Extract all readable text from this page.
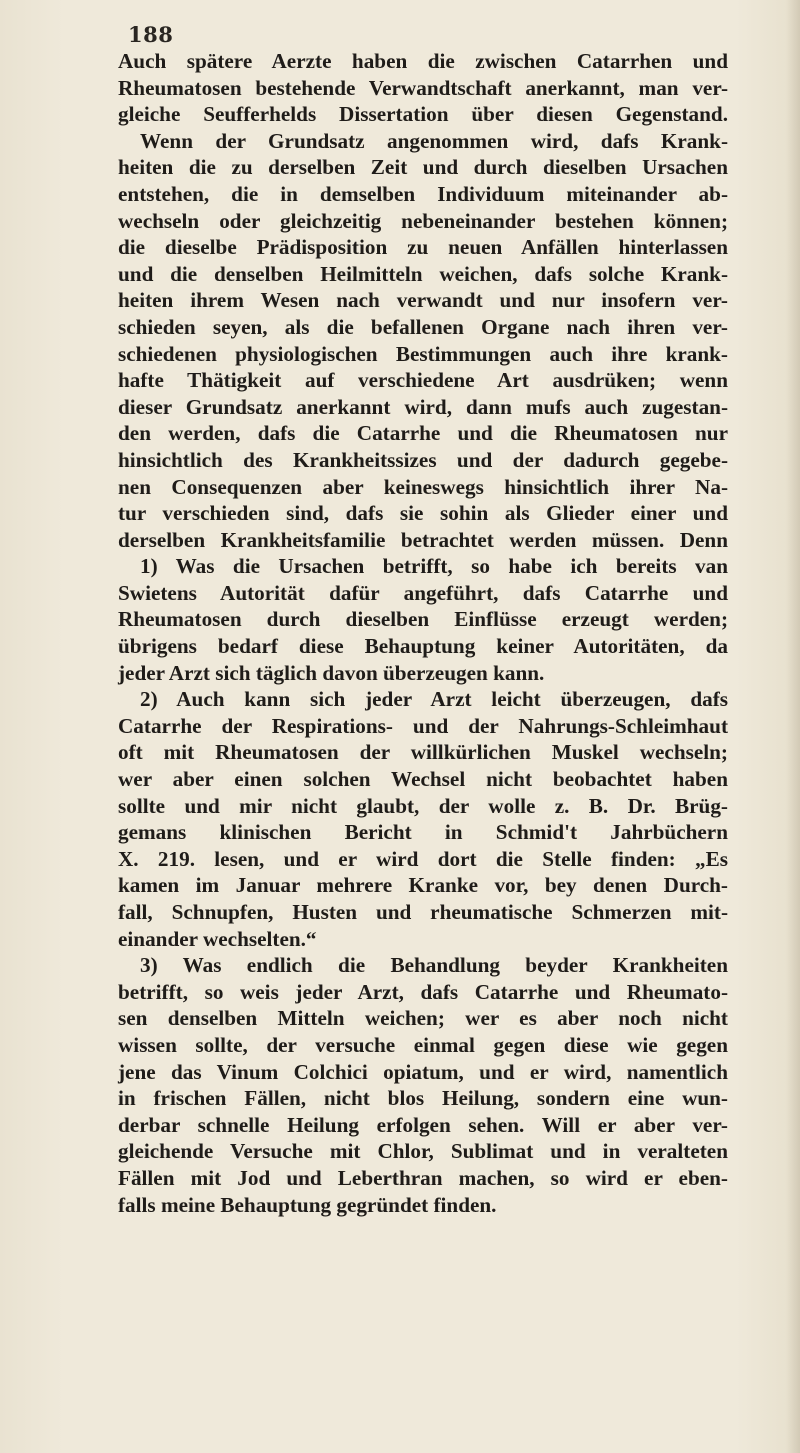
188
Auch spätere Aerzte haben die zwischen Catarrhen und
Rheumatosen bestehende Verwandtschaft anerkannt, man ver-
gleiche Seufferhelds Dissertation über diesen Gegenstand.
Wenn der Grundsatz angenommen wird, dafs Krank-
heiten die zu derselben Zeit und durch dieselben Ursachen
entstehen, die in demselben Individuum miteinander ab-
wechseln oder gleichzeitig nebeneinander bestehen können;
die dieselbe Prädisposition zu neuen Anfällen hinterlassen
und die denselben Heilmitteln weichen, dafs solche Krank-
heiten ihrem Wesen nach verwandt und nur insofern ver-
schieden seyen, als die befallenen Organe nach ihren ver-
schiedenen physiologischen Bestimmungen auch ihre krank-
hafte Thätigkeit auf verschiedene Art ausdrüken; wenn
dieser Grundsatz anerkannt wird, dann mufs auch zugestan-
den werden, dafs die Catarrhe und die Rheumatosen nur
hinsichtlich des Krankheitssizes und der dadurch gegebe-
nen Consequenzen aber keineswegs hinsichtlich ihrer Na-
tur verschieden sind, dafs sie sohin als Glieder einer und
derselben Krankheitsfamilie betrachtet werden müssen. Denn
1) Was die Ursachen betrifft, so habe ich bereits van
Swietens Autorität dafür angeführt, dafs Catarrhe und
Rheumatosen durch dieselben Einflüsse erzeugt werden;
übrigens bedarf diese Behauptung keiner Autoritäten, da
jeder Arzt sich täglich davon überzeugen kann.
2) Auch kann sich jeder Arzt leicht überzeugen, dafs
Catarrhe der Respirations- und der Nahrungs-Schleimhaut
oft mit Rheumatosen der willkürlichen Muskel wechseln;
wer aber einen solchen Wechsel nicht beobachtet haben
sollte und mir nicht glaubt, der wolle z. B. Dr. Brüg-
gemans klinischen Bericht in Schmid't Jahrbüchern
X. 219. lesen, und er wird dort die Stelle finden: „Es
kamen im Januar mehrere Kranke vor, bey denen Durch-
fall, Schnupfen, Husten und rheumatische Schmerzen mit-
einander wechselten.“
3) Was endlich die Behandlung beyder Krankheiten
betrifft, so weis jeder Arzt, dafs Catarrhe und Rheumato-
sen denselben Mitteln weichen; wer es aber noch nicht
wissen sollte, der versuche einmal gegen diese wie gegen
jene das Vinum Colchici opiatum, und er wird, namentlich
in frischen Fällen, nicht blos Heilung, sondern eine wun-
derbar schnelle Heilung erfolgen sehen. Will er aber ver-
gleichende Versuche mit Chlor, Sublimat und in veralteten
Fällen mit Jod und Leberthran machen, so wird er eben-
falls meine Behauptung gegründet finden.
